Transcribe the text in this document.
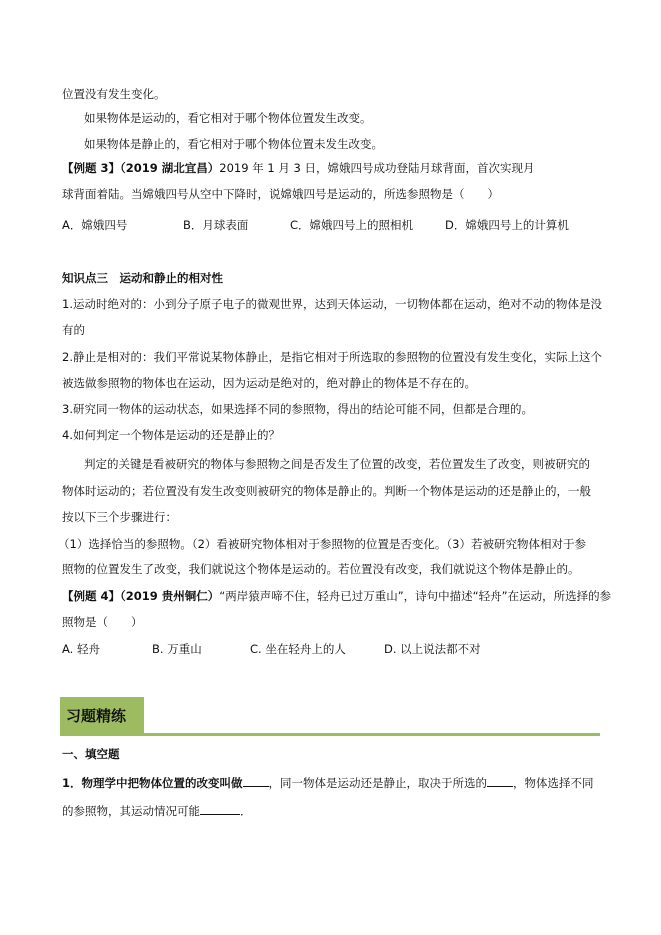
位置没有发生变化。
如果物体是运动的，看它相对于哪个物体位置发生改变。
如果物体是静止的，看它相对于哪个物体位置未发生改变。
【例题 3】（2019 湖北宜昌）2019 年 1 月 3 日，嫦娥四号成功登陆月球背面，首次实现月
球背面着陆。当嫦娥四号从空中下降时，说嫦娥四号是运动的，所选参照物是（　　）
A．嫦娥四号	B．月球表面	C．嫦娥四号上的照相机	D．嫦娥四号上的计算机
知识点三　运动和静止的相对性
1.运动时绝对的：小到分子原子电子的微观世界，达到天体运动，一切物体都在运动，绝对不动的物体是没
有的
2.静止是相对的：我们平常说某物体静止，是指它相对于所选取的参照物的位置没有发生变化，实际上这个
被选做参照物的物体也在运动，因为运动是绝对的，绝对静止的物体是不存在的。
3.研究同一物体的运动状态，如果选择不同的参照物，得出的结论可能不同，但都是合理的。
4.如何判定一个物体是运动的还是静止的？
判定的关键是看被研究的物体与参照物之间是否发生了位置的改变，若位置发生了改变，则被研究的
物体时运动的；若位置没有发生改变则被研究的物体是静止的。判断一个物体是运动的还是静止的，一般
按以下三个步骤进行：
（1）选择恰当的参照物。（2）看被研究物体相对于参照物的位置是否变化。（3）若被研究物体相对于参
照物的位置发生了改变，我们就说这个物体是运动的。若位置没有改变，我们就说这个物体是静止的。
【例题 4】（2019 贵州铜仁）“两岸猿声啼不住，轻舟已过万重山”，诗句中描述“轻舟”在运动，所选择的参
照物是（　　）
A. 轻舟	B. 万重山	C. 坐在轻舟上的人	D. 以上说法都不对
习题精练
一、填空题
1．物理学中把物体位置的改变叫做 ，同一物体是运动还是静止，取决于所选的 ，物体选择不同
的参照物，其运动情况可能	．
